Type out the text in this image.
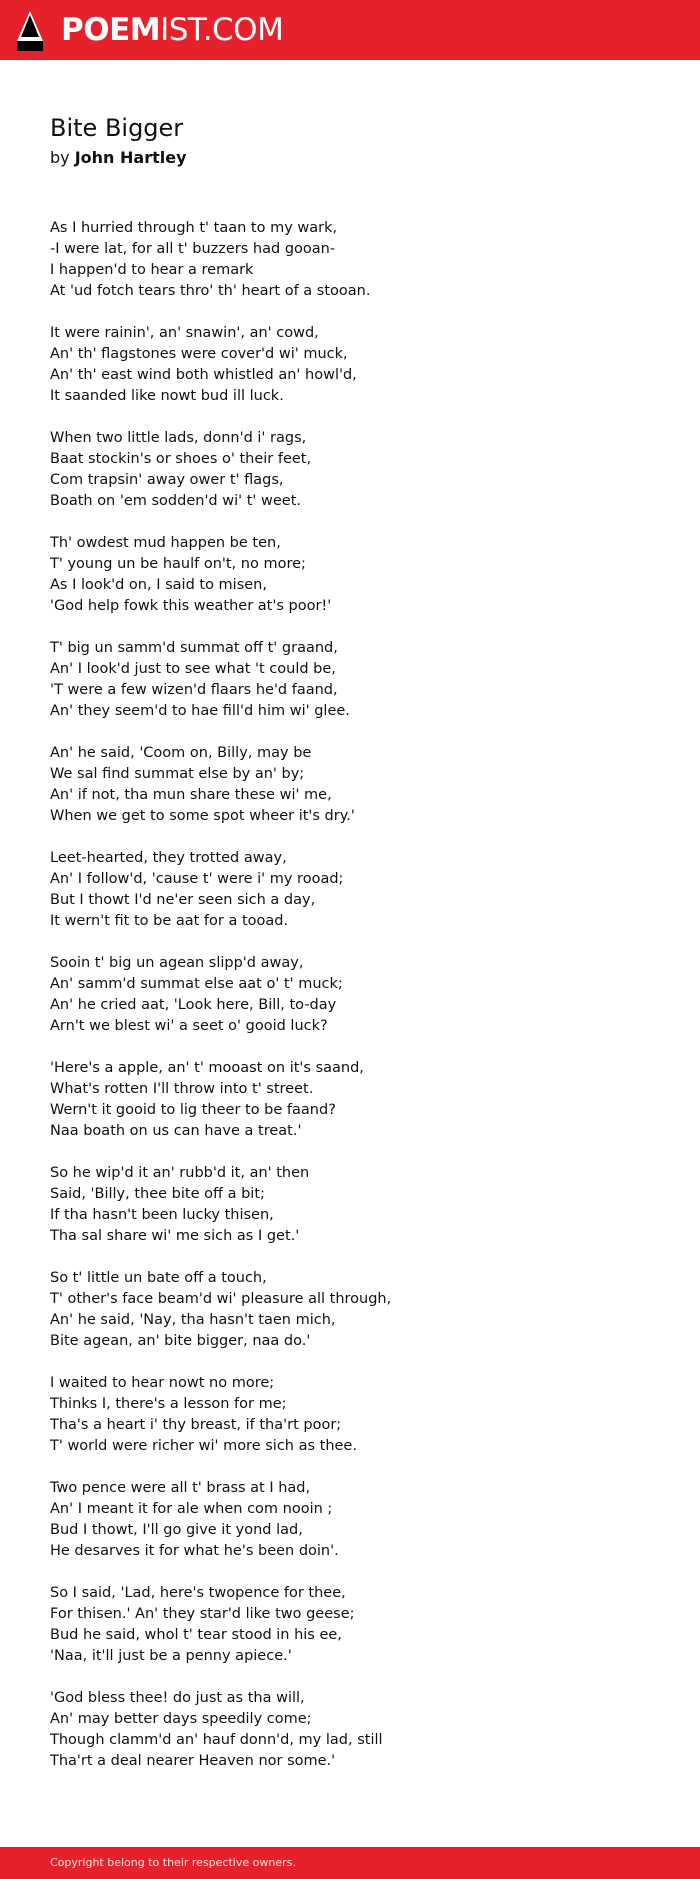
POEMIST.COM
Bite Bigger
by John Hartley
As I hurried through t' taan to my wark,
-I were lat, for all t' buzzers had gooan-
I happen'd to hear a remark
At 'ud fotch tears thro' th' heart of a stooan.
It were rainin', an' snawin', an' cowd,
An' th' flagstones were cover'd wi' muck,
An' th' east wind both whistled an' howl'd,
It saanded like nowt bud ill luck.
When two little lads, donn'd i' rags,
Baat stockin's or shoes o' their feet,
Com trapsin' away ower t' flags,
Boath on 'em sodden'd wi' t' weet.
Th' owdest mud happen be ten,
T' young un be haulf on't, no more;
As I look'd on, I said to misen,
'God help fowk this weather at's poor!'
T' big un samm'd summat off t' graand,
An' I look'd just to see what 't could be,
'T were a few wizen'd flaars he'd faand,
An' they seem'd to hae fill'd him wi' glee.
An' he said, 'Coom on, Billy, may be
We sal find summat else by an' by;
An' if not, tha mun share these wi' me,
When we get to some spot wheer it's dry.'
Leet-hearted, they trotted away,
An' I follow'd, 'cause t' were i' my rooad;
But I thowt I'd ne'er seen sich a day,
It wern't fit to be aat for a tooad.
Sooin t' big un agean slipp'd away,
An' samm'd summat else aat o' t' muck;
An' he cried aat, 'Look here, Bill, to-day
Arn't we blest wi' a seet o' gooid luck?
'Here's a apple, an' t' mooast on it's saand,
What's rotten I'll throw into t' street.
Wern't it gooid to lig theer to be faand?
Naa boath on us can have a treat.'
So he wip'd it an' rubb'd it, an' then
Said, 'Billy, thee bite off a bit;
If tha hasn't been lucky thisen,
Tha sal share wi' me sich as I get.'
So t' little un bate off a touch,
T' other's face beam'd wi' pleasure all through,
An' he said, 'Nay, tha hasn't taen mich,
Bite agean, an' bite bigger, naa do.'
I waited to hear nowt no more;
Thinks I, there's a lesson for me;
Tha's a heart i' thy breast, if tha'rt poor;
T' world were richer wi' more sich as thee.
Two pence were all t' brass at I had,
An' I meant it for ale when com nooin ;
Bud I thowt, I'll go give it yond lad,
He desarves it for what he's been doin'.
So I said, 'Lad, here's twopence for thee,
For thisen.' An' they star'd like two geese;
Bud he said, whol t' tear stood in his ee,
'Naa, it'll just be a penny apiece.'
'God bless thee! do just as tha will,
An' may better days speedily come;
Though clamm'd an' hauf donn'd, my lad, still
Tha'rt a deal nearer Heaven nor some.'
Copyright belong to their respective owners.
